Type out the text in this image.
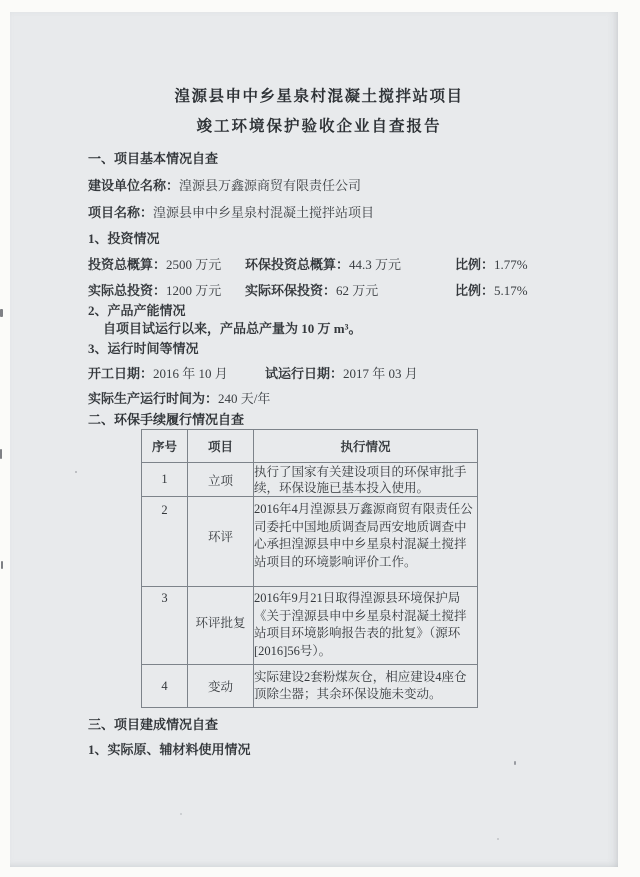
湟源县申中乡星泉村混凝土搅拌站项目
竣工环境保护验收企业自查报告
一、项目基本情况自查
建设单位名称：湟源县万鑫源商贸有限责任公司
项目名称：湟源县申中乡星泉村混凝土搅拌站项目
1、投资情况
投资总概算：2500 万元	环保投资总概算：44.3 万元	比例：1.77%
实际总投资：1200 万元	实际环保投资：62 万元	比例：5.17%
2、产品产能情况
自项目试运行以来，产品总产量为 10 万 m³。
3、运行时间等情况
开工日期：2016 年 10 月	试运行日期：2017 年 03 月
实际生产运行时间为：240 天/年
二、环保手续履行情况自查
序号	项目	执行情况
1	立项	执行了国家有关建设项目的环保审批手续，环保设施已基本投入使用。
2	环评	2016年4月湟源县万鑫源商贸有限责任公司委托中国地质调查局西安地质调查中心承担湟源县申中乡星泉村混凝土搅拌站项目的环境影响评价工作。
3	环评批复	2016年9月21日取得湟源县环境保护局《关于湟源县申中乡星泉村混凝土搅拌站项目环境影响报告表的批复》（源环[2016]56号）。
4	变动	实际建设2套粉煤灰仓，相应建设4座仓顶除尘器；其余环保设施未变动。
三、项目建成情况自查
1、实际原、辅材料使用情况
